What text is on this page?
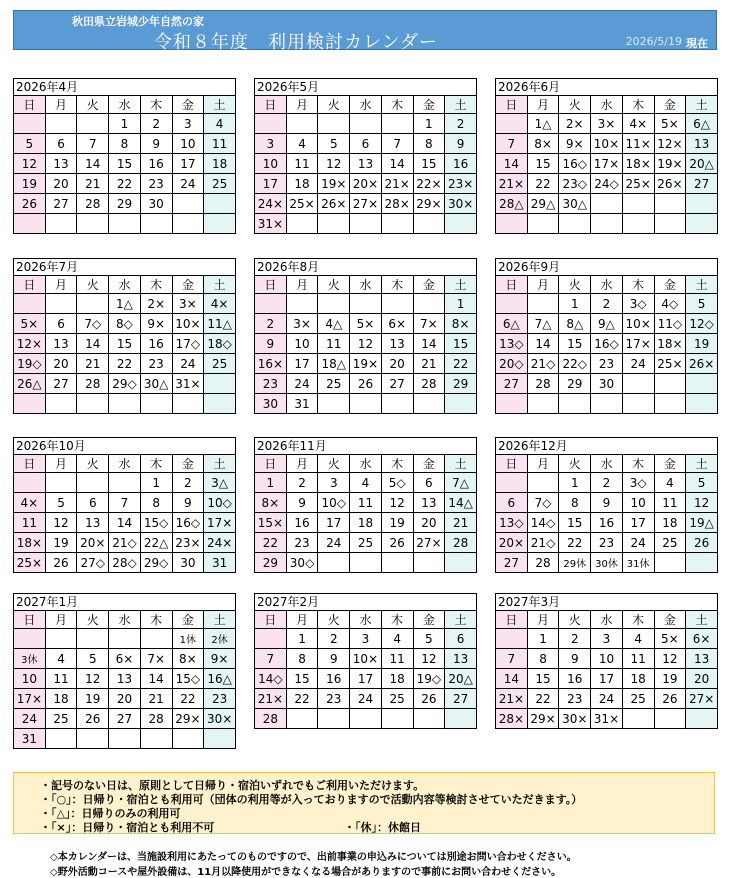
秋田県立岩城少年自然の家
令和８年度　利用検討カレンダー	2026/5/19 現在
2026年4月
日	月	火	水	木	金	土
			1	2	3	4
5	6	7	8	9	10	11
12	13	14	15	16	17	18
19	20	21	22	23	24	25
26	27	28	29	30		

2026年5月
日	月	火	水	木	金	土
					1	2
3	4	5	6	7	8	9
10	11	12	13	14	15	16
17	18	19×	20×	21×	22×	23×
24×	25×	26×	27×	28×	29×	30×
31×						
2026年6月
日	月	火	水	木	金	土
	1△	2×	3×	4×	5×	6△
7	8×	9×	10×	11×	12×	13
14	15	16◇	17×	18×	19×	20△
21×	22	23◇	24◇	25×	26×	27
28△	29△	30△				

2026年7月
日	月	火	水	木	金	土
			1△	2×	3×	4×
5×	6	7◇	8◇	9×	10×	11△
12×	13	14	15	16	17◇	18◇
19◇	20	21	22	23	24	25
26△	27	28	29◇	30△	31×	

2026年8月
日	月	火	水	木	金	土
						1
2	3×	4△	5×	6×	7×	8×
9	10	11	12	13	14	15
16×	17	18△	19×	20	21	22
23	24	25	26	27	28	29
30	31					
2026年9月
日	月	火	水	木	金	土
		1	2	3◇	4◇	5
6△	7△	8△	9△	10×	11◇	12◇
13◇	14	15	16◇	17×	18×	19
20◇	21◇	22◇	23	24	25×	26×
27	28	29	30			

2026年10月
日	月	火	水	木	金	土
				1	2	3△
4×	5	6	7	8	9	10◇
11	12	13	14	15◇	16◇	17×
18×	19	20×	21◇	22△	23×	24×
25×	26	27◇	28◇	29◇	30	31
2026年11月
日	月	火	水	木	金	土
1	2	3	4	5◇	6	7△
8×	9	10◇	11	12	13	14△
15×	16	17	18	19	20	21
22	23	24	25	26	27×	28
29	30◇					
2026年12月
日	月	火	水	木	金	土
		1	2	3◇	4	5
6	7◇	8	9	10	11	12
13◇	14◇	15	16	17	18	19△
20×	21◇	22	23	24	25	26
27	28	29休	30休	31休		
2027年1月
日	月	火	水	木	金	土
					1休	2休
3休	4	5	6×	7×	8×	9×
10	11	12	13	14	15◇	16△
17×	18	19	20	21	22	23
24	25	26	27	28	29×	30×
31						
2027年2月
日	月	火	水	木	金	土
	1	2	3	4	5	6
7	8	9	10×	11	12	13
14◇	15	16	17	18	19◇	20△
21×	22	23	24	25	26	27
28						
2027年3月
日	月	火	水	木	金	土
	1	2	3	4	5×	6×
7	8	9	10	11	12	13
14	15	16	17	18	19	20
21×	22	23	24	25	26	27×
28×	29×	30×	31×			
・記号のない日は、原則として日帰り・宿泊いずれでもご利用いただけます。
・「○」：日帰り・宿泊とも利用可（団体の利用等が入っておりますので活動内容等検討させていただきます。）
・「△」：日帰りのみの利用可
・「×」：日帰り・宿泊とも利用不可	・「休」：休館日
◇本カレンダーは、当施設利用にあたってのものですので、出前事業の申込みについては別途お問い合わせください。
◇野外活動コースや屋外設備は、11月以降使用ができなくなる場合がありますので事前にお問い合わせください。
